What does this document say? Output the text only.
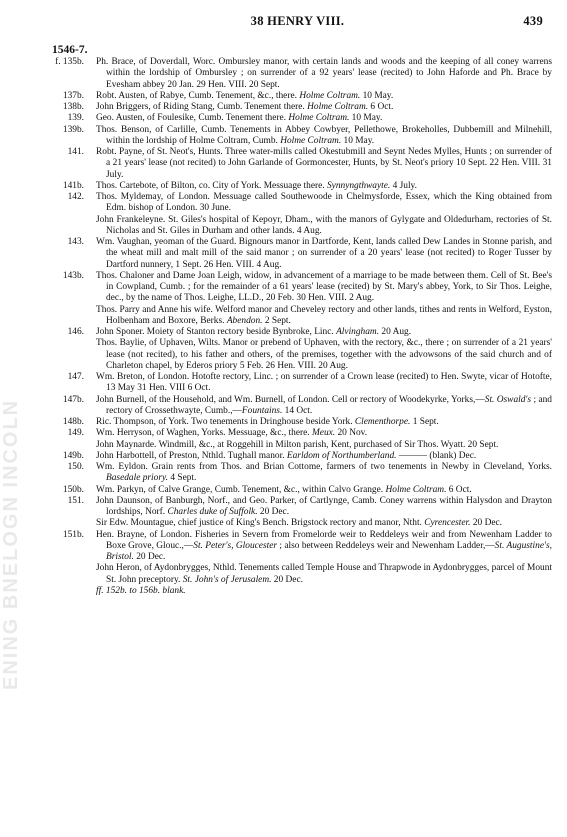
38 HENRY VIII.	439
1546-7.
f. 135b. Ph. Brace, of Doverdall, Worc. Ombursley manor, with certain lands and woods and the keeping of all coney warrens within the lordship of Ombursley ; on surrender of a 92 years' lease (recited) to John Haforde and Ph. Brace by Evesham abbey 20 Jan. 29 Hen. VIII. 20 Sept.
137b. Robt. Austen, of Rabye, Cumb. Tenement, &c., there. Holme Coltram. 10 May.
138b. John Briggers, of Riding Stang, Cumb. Tenement there. Holme Coltram. 6 Oct.
139. Geo. Austen, of Foulesike, Cumb. Tenement there. Holme Coltram. 10 May.
139b. Thos. Benson, of Carlille, Cumb. Tenements in Abbey Cowbyer, Pellethowe, Brokeholles, Dubbemill and Milnehill, within the lordship of Holme Coltram, Cumb. Holme Coltram. 10 May.
141. Robt. Payne, of St. Neot's, Hunts. Three water-mills called Okestubmill and Seynt Nedes Mylles, Hunts ; on surrender of a 21 years' lease (not recited) to John Garlande of Gormoncester, Hunts, by St. Neot's priory 10 Sept. 22 Hen. VIII. 31 July.
141b. Thos. Cartebote, of Bilton, co. City of York. Messuage there. Synnyngthwayte. 4 July.
142. Thos. Myldemay, of London. Messuage called Southewoode in Chelmysforde, Essex, which the King obtained from Edm. bishop of London. 30 June.
John Frankeleyne. St. Giles's hospital of Kepoyr, Dham., with the manors of Gylygate and Oldedurham, rectories of St. Nicholas and St. Giles in Durham and other lands. 4 Aug.
143. Wm. Vaughan, yeoman of the Guard. Bignours manor in Dartforde, Kent, lands called Dew Landes in Stonne parish, and the wheat mill and malt mill of the said manor ; on surrender of a 20 years' lease (not recited) to Roger Tusser by Dartford nunnery, 1 Sept. 26 Hen. VIII. 4 Aug.
143b. Thos. Chaloner and Dame Joan Leigh, widow, in advancement of a marriage to be made between them. Cell of St. Bee's in Cowpland, Cumb. ; for the remainder of a 61 years' lease (recited) by St. Mary's abbey, York, to Sir Thos. Leighe, dec., by the name of Thos. Leighe, LL.D., 20 Feb. 30 Hen. VIII. 2 Aug.
Thos. Parry and Anne his wife. Welford manor and Cheveley rectory and other lands, tithes and rents in Welford, Eyston, Holbenham and Boxore, Berks. Abendon. 2 Sept.
146. John Sponer. Moiety of Stanton rectory beside Bynbroke, Linc. Alvingham. 20 Aug.
Thos. Baylie, of Uphaven, Wilts. Manor or prebend of Uphaven, with the rectory, &c., there ; on surrender of a 21 years' lease (not recited), to his father and others, of the premises, together with the advowsons of the said church and of Charleton chapel, by Ederos priory 5 Feb. 26 Hen. VIII. 20 Aug.
147. Wm. Breton, of London. Hotofte rectory, Linc. ; on surrender of a Crown lease (recited) to Hen. Swyte, vicar of Hotofte, 13 May 31 Hen. VIII 6 Oct.
147b. John Burnell, of the Household, and Wm. Burnell, of London. Cell or rectory of Woodekyrke, Yorks,—St. Oswald's ; and rectory of Crossethwayte, Cumb.,—Fountains. 14 Oct.
148b. Ric. Thompson, of York. Two tenements in Dringhouse beside York. Clementhorpe. 1 Sept.
149. Wm. Herryson, of Waghen, Yorks. Messuage, &c., there. Meux. 20 Nov.
John Maynarde. Windmill, &c., at Roggehill in Milton parish, Kent, purchased of Sir Thos. Wyatt. 20 Sept.
149b. John Harbottell, of Preston, Nthld. Tughall manor. Earldom of Northumberland. ——— (blank) Dec.
150. Wm. Eyldon. Grain rents from Thos. and Brian Cottome, farmers of two tenements in Newby in Cleveland, Yorks. Basedale priory. 4 Sept.
150b. Wm. Parkyn, of Calve Grange, Cumb. Tenement, &c., within Calvo Grange. Holme Coltram. 6 Oct.
151. John Daunson, of Banburgh, Norf., and Geo. Parker, of Cartlynge, Camb. Coney warrens within Halysdon and Drayton lordships, Norf. Charles duke of Suffolk. 20 Dec.
Sir Edw. Mountague, chief justice of King's Bench. Brigstock rectory and manor, Ntht. Cyrencester. 20 Dec.
151b. Hen. Brayne, of London. Fisheries in Severn from Fromelorde weir to Reddeleys weir and from Newenham Ladder to Boxe Grove, Glouc.,—St. Peter's, Gloucester ; also between Reddeleys weir and Newenham Ladder,—St. Augustine's, Bristol. 20 Dec.
John Heron, of Aydonbrygges, Nthld. Tenements called Temple House and Thrapwode in Aydonbrygges, parcel of Mount St. John preceptory. St. John's of Jerusalem. 20 Dec.
ff. 152b. to 156b. blank.
ENING BNELOGN INCOLN
